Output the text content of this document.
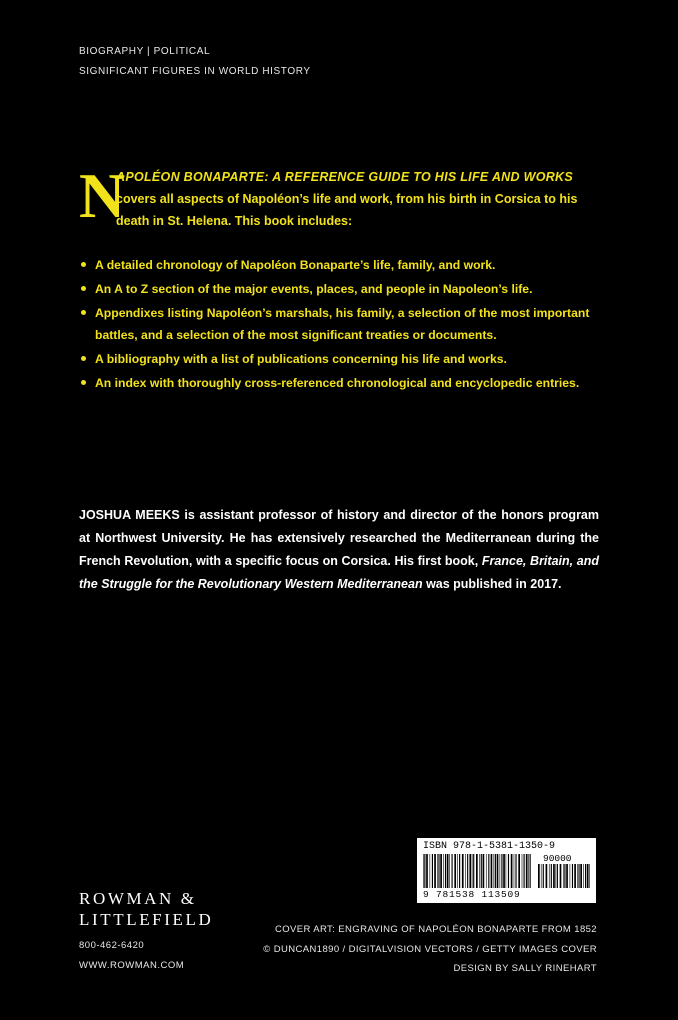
BIOGRAPHY | POLITICAL
SIGNIFICANT FIGURES IN WORLD HISTORY
N
APOLÉON BONAPARTE: A REFERENCE GUIDE TO HIS LIFE AND WORKS
covers all aspects of Napoléon’s life and work, from his birth in Corsica to his death in St. Helena. This book includes:
A detailed chronology of Napoléon Bonaparte’s life, family, and work.
An A to Z section of the major events, places, and people in Napoleon’s life.
Appendixes listing Napoléon’s marshals, his family, a selection of the most important battles, and a selection of the most significant treaties or documents.
A bibliography with a list of publications concerning his life and works.
An index with thoroughly cross-referenced chronological and encyclopedic entries.
JOSHUA MEEKS is assistant professor of history and director of the honors program at Northwest University. He has extensively researched the Mediterranean during the French Revolution, with a specific focus on Corsica. His first book, France, Britain, and the Struggle for the Revolutionary Western Mediterranean was published in 2017.
ISBN 978-1-5381-1350-9
90000
9 781538 113509
ROWMAN &
LITTLEFIELD
800-462-6420
WWW.ROWMAN.COM
COVER ART: ENGRAVING OF NAPOLÉON BONAPARTE FROM 1852
© DUNCAN1890 / DIGITALVISION VECTORS / GETTY IMAGES COVER
DESIGN BY SALLY RINEHART
